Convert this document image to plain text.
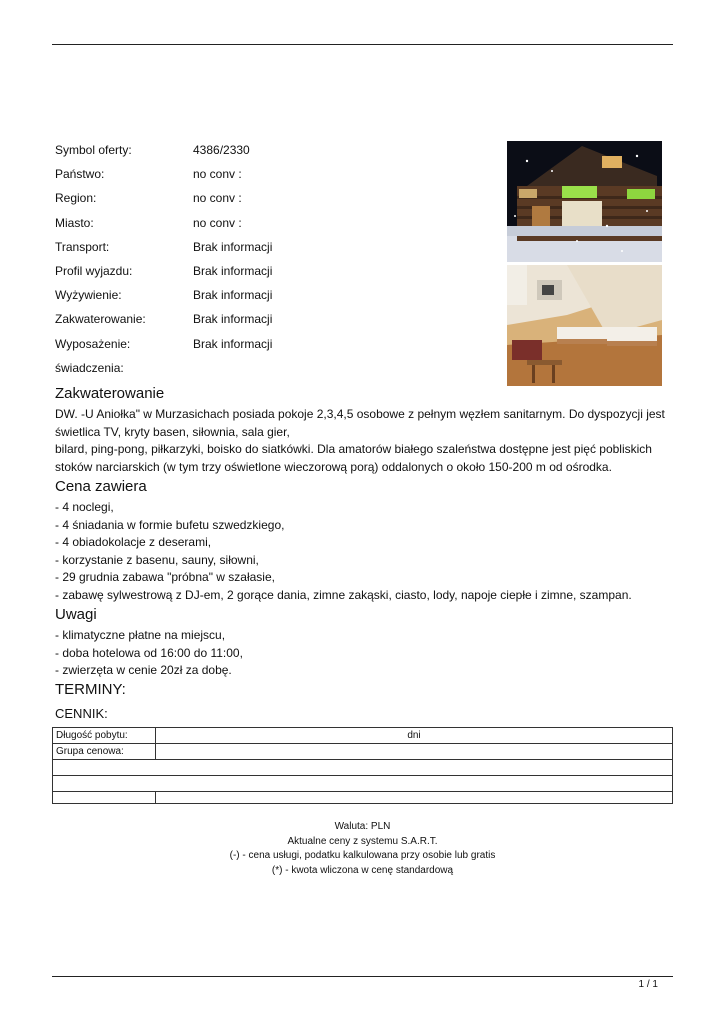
Symbol oferty:	4386/2330
Państwo:	no conv :
Region:	no conv :
Miasto:	no conv :
Transport:	Brak informacji
Profil wyjazdu:	Brak informacji
Wyżywienie:	Brak informacji
Zakwaterowanie:	Brak informacji
Wyposażenie:	Brak informacji
świadczenia:
Zakwaterowanie

DW. -U Aniołka" w Murzasichach posiada pokoje 2,3,4,5 osobowe z pełnym węzłem sanitarnym. Do dyspozycji jest świetlica TV, kryty basen, siłownia, sala gier,

bilard, ping-pong, piłkarzyki, boisko do siatkówki. Dla amatorów białego szaleństwa dostępne jest pięć pobliskich stoków narciarskich (w tym trzy oświetlone wieczorową porą) oddalonych o około 150-200 m od ośrodka.

Cena zawiera

- 4 noclegi,

- 4 śniadania w formie bufetu szwedzkiego,

- 4 obiadokolacje z deserami,

- korzystanie z basenu, sauny, siłowni,

- 29 grudnia zabawa "próbna" w szałasie,

- zabawę sylwestrową z DJ-em, 2 gorące dania, zimne zakąski, ciasto, lody, napoje ciepłe i zimne, szampan.

Uwagi

- klimatyczne płatne na miejscu,

- doba hotelowa od 16:00 do 11:00,

- zwierzęta w cenie 20zł za dobę.

TERMINY:
CENNIK:
Długość pobytu:	dni
Grupa cenowa:	

Waluta: PLN
Aktualne ceny z systemu S.A.R.T.
(-) - cena usługi, podatku kalkulowana przy osobie lub gratis
(*) - kwota wliczona w cenę standardową
1 / 1
